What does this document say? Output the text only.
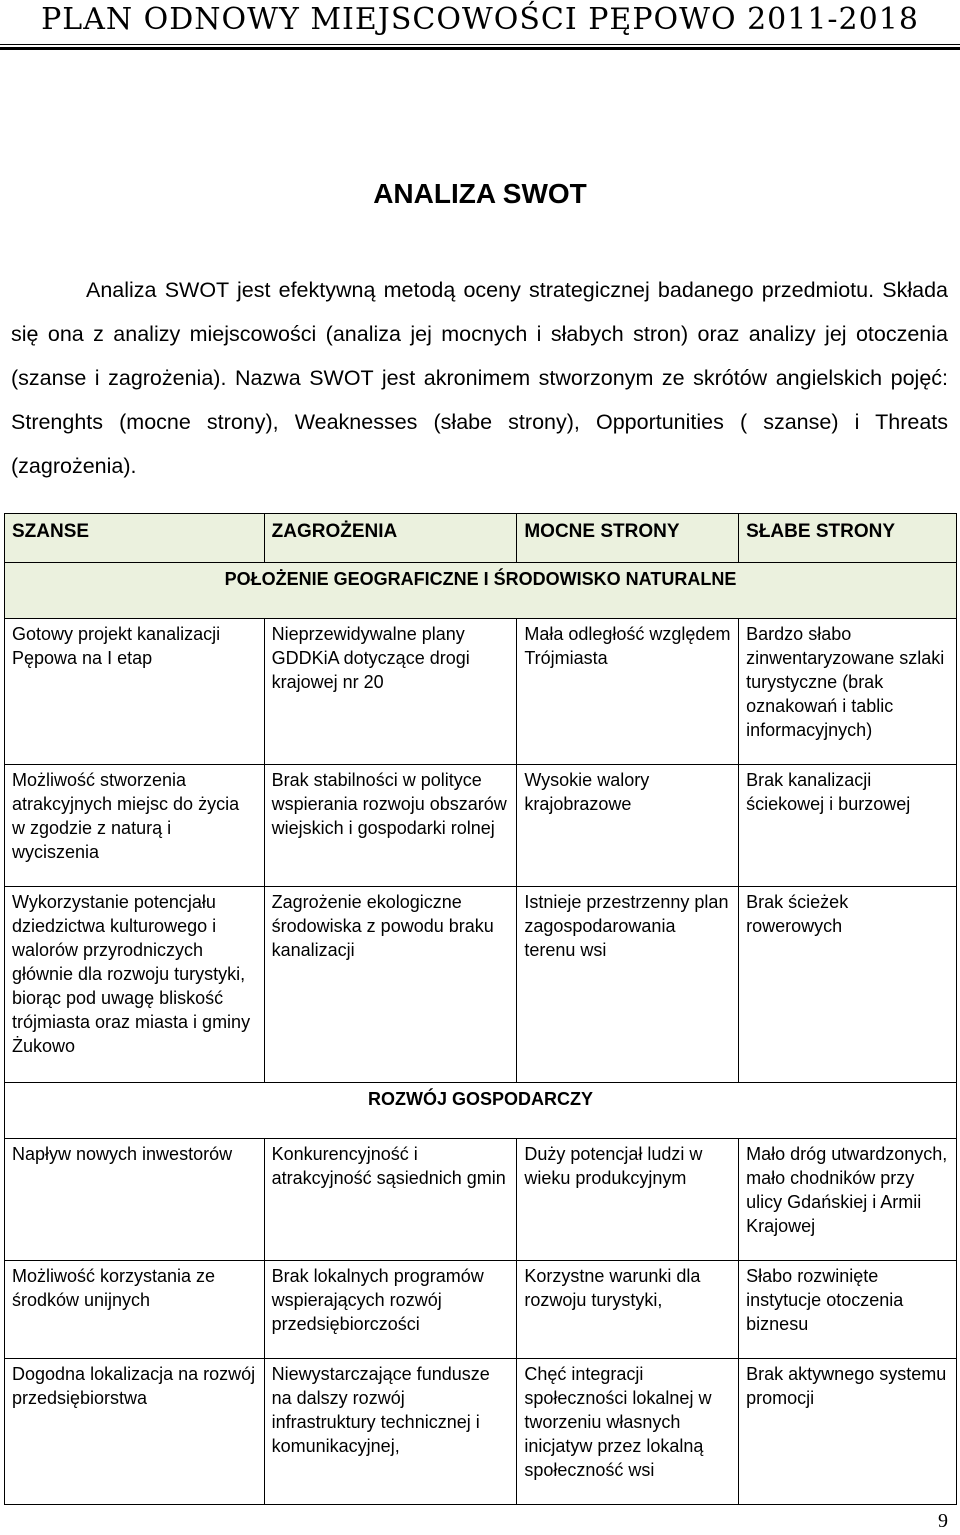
PLAN ODNOWY MIEJSCOWOŚCI PĘPOWO 2011-2018
ANALIZA SWOT

Analiza SWOT jest efektywną metodą oceny strategicznej badanego przedmiotu. Składa się ona z analizy miejscowości (analiza jej mocnych i słabych stron) oraz analizy jej otoczenia (szanse i zagrożenia). Nazwa SWOT jest akronimem stworzonym ze skrótów angielskich pojęć: Strenghts (mocne strony), Weaknesses (słabe strony), Opportunities ( szanse) i Threats (zagrożenia).

SZANSE	ZAGROŻENIA	MOCNE STRONY	SŁABE STRONY
POŁOŻENIE GEOGRAFICZNE I ŚRODOWISKO NATURALNE			
Gotowy projekt kanalizacji Pępowa na I etap	Nieprzewidywalne plany GDDKiA dotyczące drogi krajowej nr 20	Mała odległość względem Trójmiasta	Bardzo słabo zinwentaryzowane szlaki turystyczne (brak oznakowań i tablic informacyjnych)
Możliwość stworzenia atrakcyjnych miejsc do życia w zgodzie z naturą i wyciszenia	Brak stabilności w polityce wspierania rozwoju obszarów wiejskich i gospodarki rolnej	Wysokie walory krajobrazowe	Brak kanalizacji ściekowej i burzowej
Wykorzystanie potencjału dziedzictwa kulturowego i walorów przyrodniczych głównie dla rozwoju turystyki, biorąc pod uwagę bliskość trójmiasta oraz miasta i gminy Żukowo	Zagrożenie ekologiczne środowiska z powodu braku kanalizacji	Istnieje przestrzenny plan zagospodarowania terenu wsi	Brak ścieżek rowerowych
ROZWÓJ GOSPODARCZY			
Napływ nowych inwestorów	Konkurencyjność i atrakcyjność sąsiednich gmin	Duży potencjał ludzi w wieku produkcyjnym	Mało dróg utwardzonych, mało chodników przy ulicy Gdańskiej i Armii Krajowej
Możliwość korzystania ze środków unijnych	Brak lokalnych programów wspierających rozwój przedsiębiorczości	Korzystne warunki dla rozwoju turystyki,	Słabo rozwinięte instytucje otoczenia biznesu
Dogodna lokalizacja na rozwój przedsiębiorstwa	Niewystarczające fundusze na dalszy rozwój infrastruktury technicznej i komunikacyjnej,	Chęć integracji społeczności lokalnej w tworzeniu własnych inicjatyw przez lokalną społeczność wsi	Brak aktywnego systemu promocji
9
